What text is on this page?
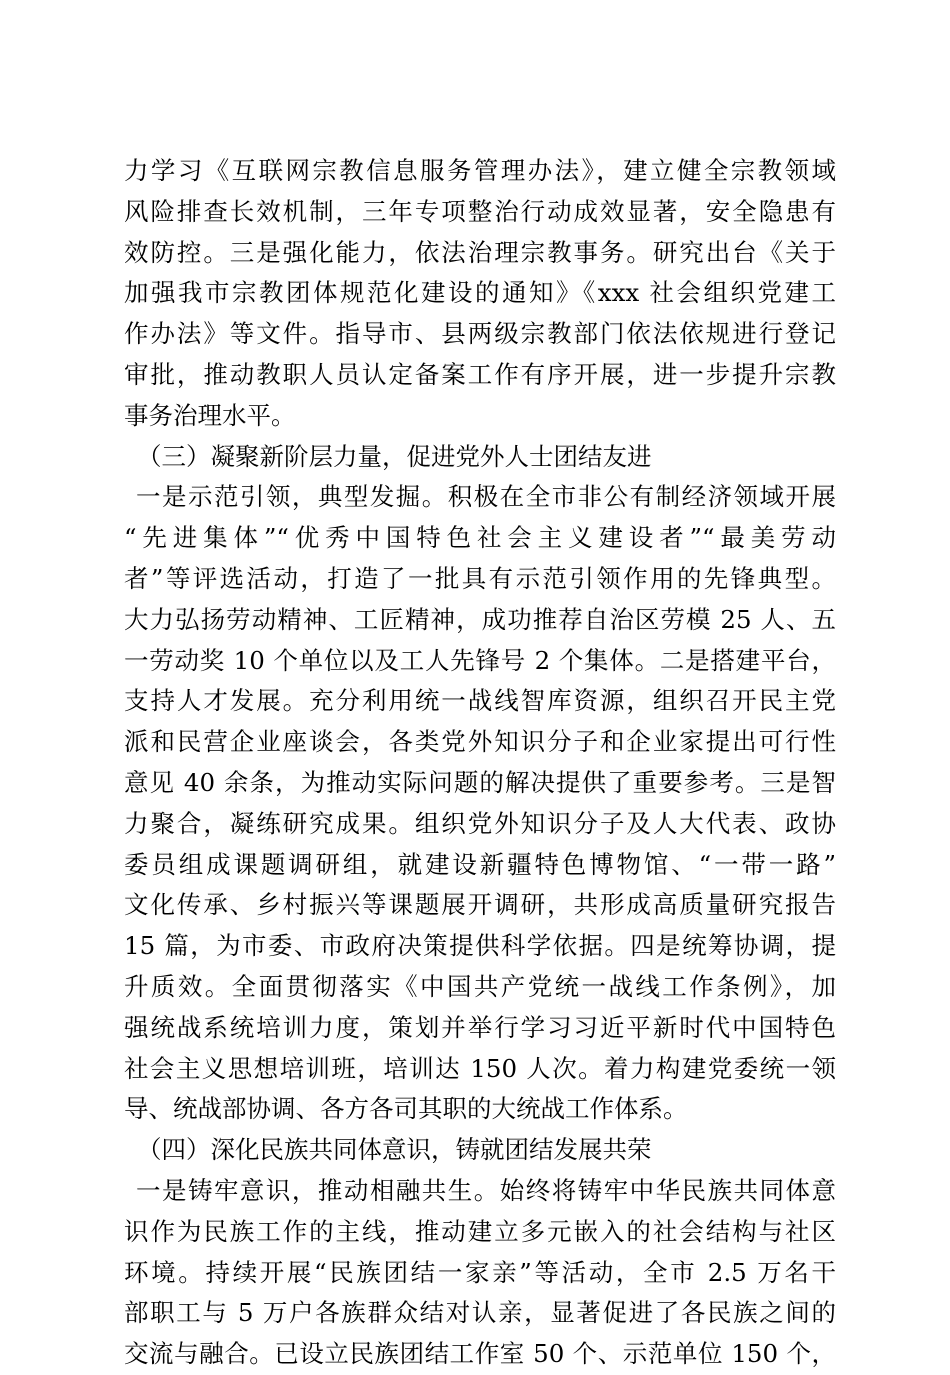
力学习《互联网宗教信息服务管理办法》，建立健全宗教领域
风险排查长效机制，三年专项整治行动成效显著，安全隐患有
效防控。三是强化能力，依法治理宗教事务。研究出台《关于
加强我市宗教团体规范化建设的通知》《xxx 社会组织党建工
作办法》等文件。指导市、县两级宗教部门依法依规进行登记
审批，推动教职人员认定备案工作有序开展，进一步提升宗教
事务治理水平。
（三）凝聚新阶层力量，促进党外人士团结友进
一是示范引领，典型发掘。积极在全市非公有制经济领域开展
“先进集体”“优秀中国特色社会主义建设者”“最美劳动
者”等评选活动，打造了一批具有示范引领作用的先锋典型。
大力弘扬劳动精神、工匠精神，成功推荐自治区劳模 25 人、五
一劳动奖 10 个单位以及工人先锋号 2 个集体。二是搭建平台，
支持人才发展。充分利用统一战线智库资源，组织召开民主党
派和民营企业座谈会，各类党外知识分子和企业家提出可行性
意见 40 余条，为推动实际问题的解决提供了重要参考。三是智
力聚合，凝练研究成果。组织党外知识分子及人大代表、政协
委员组成课题调研组，就建设新疆特色博物馆、“一带一路”
文化传承、乡村振兴等课题展开调研，共形成高质量研究报告
15 篇，为市委、市政府决策提供科学依据。四是统筹协调，提
升质效。全面贯彻落实《中国共产党统一战线工作条例》，加
强统战系统培训力度，策划并举行学习习近平新时代中国特色
社会主义思想培训班，培训达 150 人次。着力构建党委统一领
导、统战部协调、各方各司其职的大统战工作体系。
（四）深化民族共同体意识，铸就团结发展共荣
一是铸牢意识，推动相融共生。始终将铸牢中华民族共同体意
识作为民族工作的主线，推动建立多元嵌入的社会结构与社区
环境。持续开展“民族团结一家亲”等活动，全市 2.5 万名干
部职工与 5 万户各族群众结对认亲，显著促进了各民族之间的
交流与融合。已设立民族团结工作室 50 个、示范单位 150 个，
